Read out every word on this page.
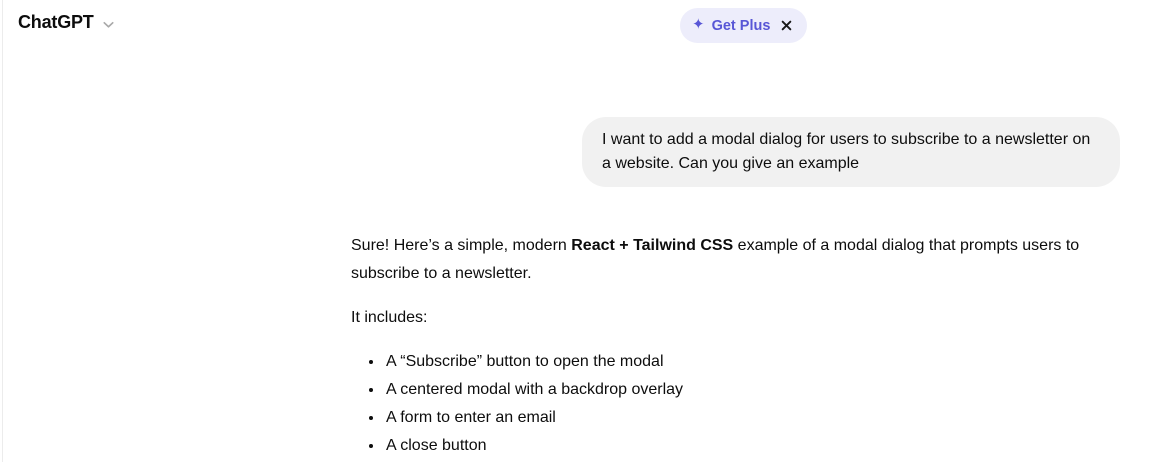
ChatGPT	✦ Get Plus
I want to add a modal dialog for users to subscribe to a newsletter on a website. Can you give an example

Sure! Here’s a simple, modern React + Tailwind CSS example of a modal dialog that prompts users to subscribe to a newsletter.

It includes:

• A “Subscribe” button to open the modal
• A centered modal with a backdrop overlay
• A form to enter an email
• A close button
